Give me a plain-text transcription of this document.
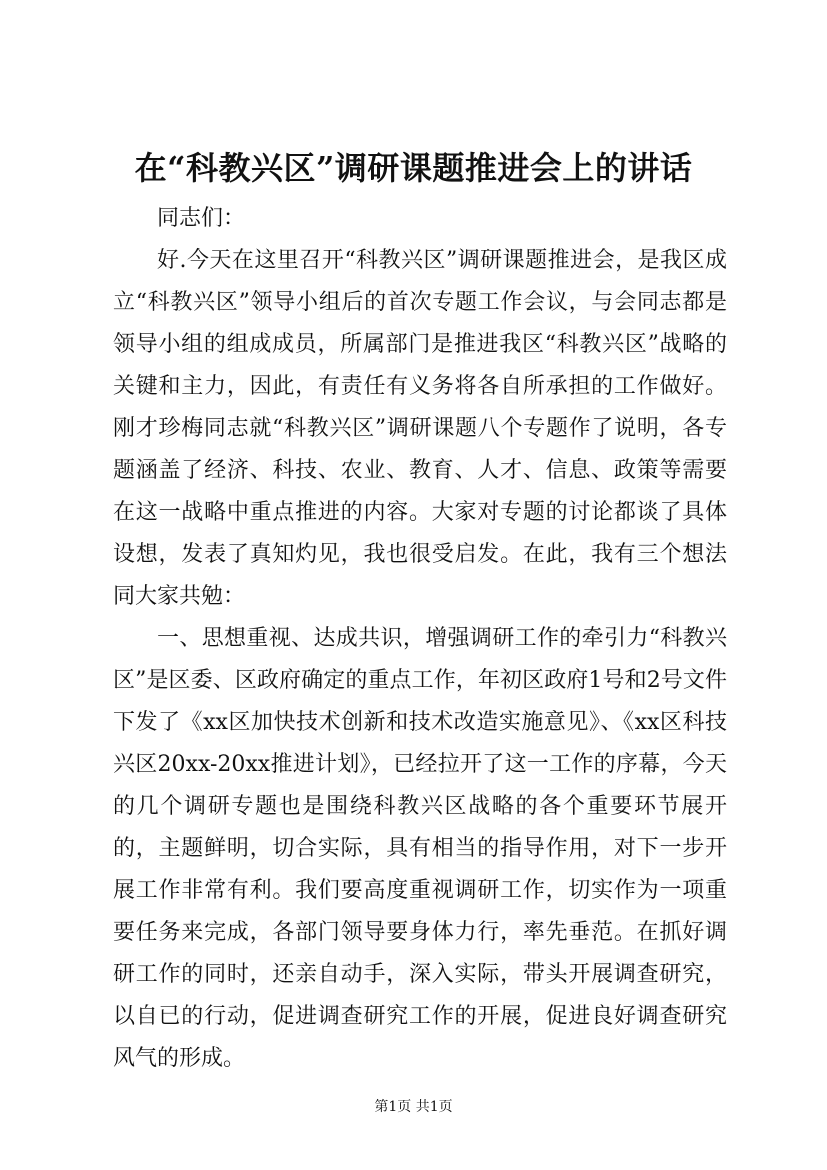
在“科教兴区”调研课题推进会上的讲话

同志们：

好.今天在这里召开“科教兴区”调研课题推进会，是我区成立“科教兴区”领导小组后的首次专题工作会议，与会同志都是领导小组的组成成员，所属部门是推进我区“科教兴区”战略的关键和主力，因此，有责任有义务将各自所承担的工作做好。刚才珍梅同志就“科教兴区”调研课题八个专题作了说明，各专题涵盖了经济、科技、农业、教育、人才、信息、政策等需要在这一战略中重点推进的内容。大家对专题的讨论都谈了具体设想，发表了真知灼见，我也很受启发。在此，我有三个想法同大家共勉：

一、思想重视、达成共识，增强调研工作的牵引力“科教兴区”是区委、区政府确定的重点工作，年初区政府1号和2号文件下发了《xx区加快技术创新和技术改造实施意见》、《xx区科技兴区20xx-20xx推进计划》，已经拉开了这一工作的序幕，今天的几个调研专题也是围绕科教兴区战略的各个重要环节展开的，主题鲜明，切合实际，具有相当的指导作用，对下一步开展工作非常有利。我们要高度重视调研工作，切实作为一项重要任务来完成，各部门领导要身体力行，率先垂范。在抓好调研工作的同时，还亲自动手，深入实际，带头开展调查研究，以自已的行动，促进调查研究工作的开展，促进良好调查研究风气的形成。

第1页 共1页
